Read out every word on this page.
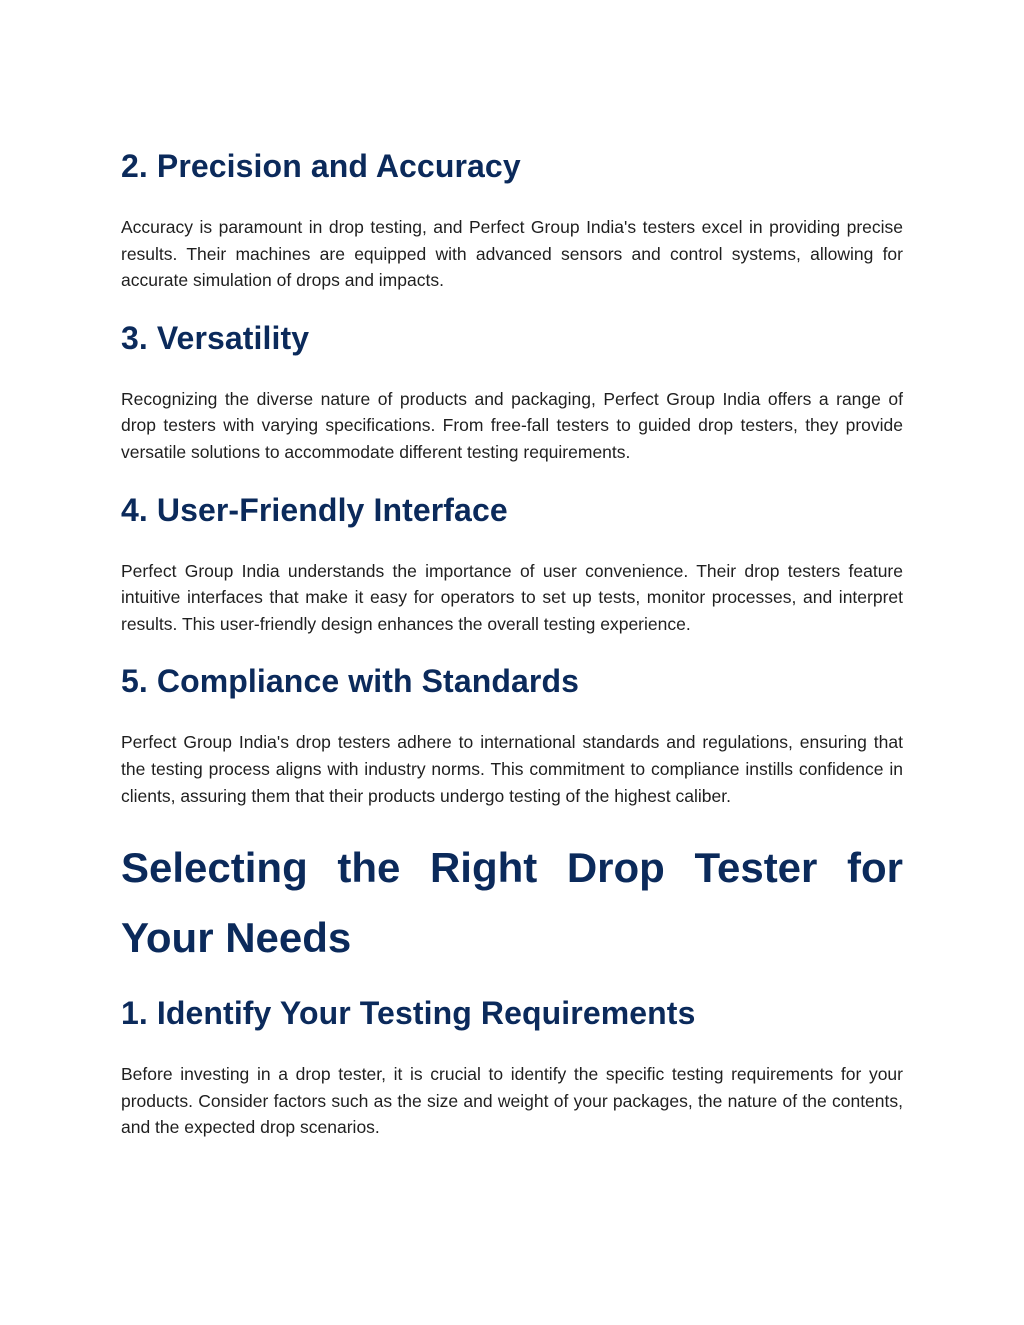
2. Precision and Accuracy

Accuracy is paramount in drop testing, and Perfect Group India's testers excel in providing precise results. Their machines are equipped with advanced sensors and control systems, allowing for accurate simulation of drops and impacts.

3. Versatility

Recognizing the diverse nature of products and packaging, Perfect Group India offers a range of drop testers with varying specifications. From free-fall testers to guided drop testers, they provide versatile solutions to accommodate different testing requirements.

4. User-Friendly Interface

Perfect Group India understands the importance of user convenience. Their drop testers feature intuitive interfaces that make it easy for operators to set up tests, monitor processes, and interpret results. This user-friendly design enhances the overall testing experience.

5. Compliance with Standards

Perfect Group India's drop testers adhere to international standards and regulations, ensuring that the testing process aligns with industry norms. This commitment to compliance instills confidence in clients, assuring them that their products undergo testing of the highest caliber.

Selecting the Right Drop Tester for Your Needs
1. Identify Your Testing Requirements

Before investing in a drop tester, it is crucial to identify the specific testing requirements for your products. Consider factors such as the size and weight of your packages, the nature of the contents, and the expected drop scenarios.
